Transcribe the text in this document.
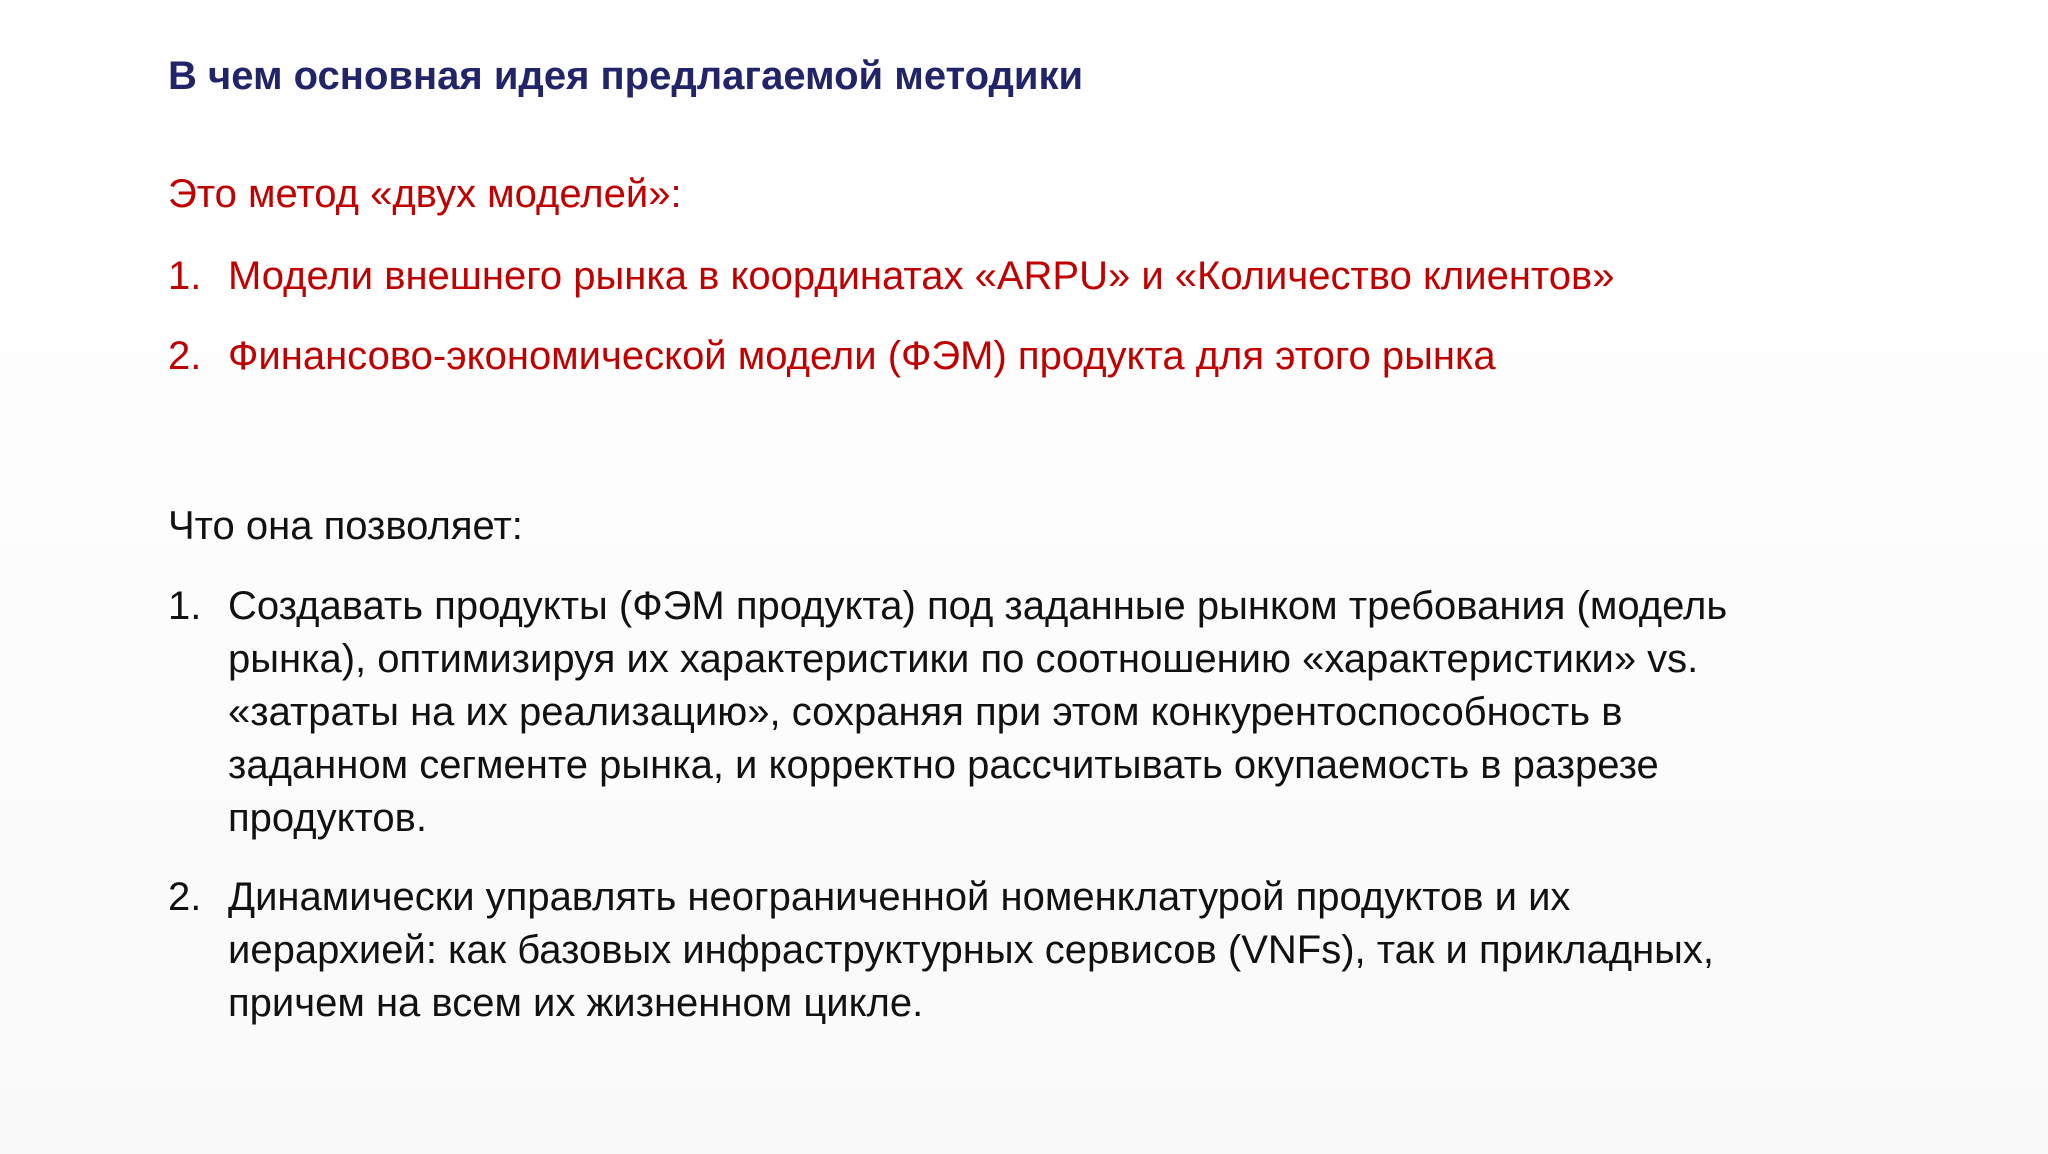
В чем основная идея предлагаемой методики

Это метод «двух моделей»:

1. Модели внешнего рынка в координатах «ARPU» и «Количество клиентов»
2. Финансово-экономической модели (ФЭМ) продукта для этого рынка

Что она позволяет:

1. Создавать продукты (ФЭМ продукта) под заданные рынком требования (модель
рынка), оптимизируя их характеристики по соотношению «характеристики» vs.
«затраты на их реализацию», сохраняя при этом конкурентоспособность в
заданном сегменте рынка, и корректно рассчитывать окупаемость в разрезе
продуктов.
2. Динамически управлять неограниченной номенклатурой продуктов и их
иерархией: как базовых инфраструктурных сервисов (VNFs), так и прикладных,
причем на всем их жизненном цикле.
